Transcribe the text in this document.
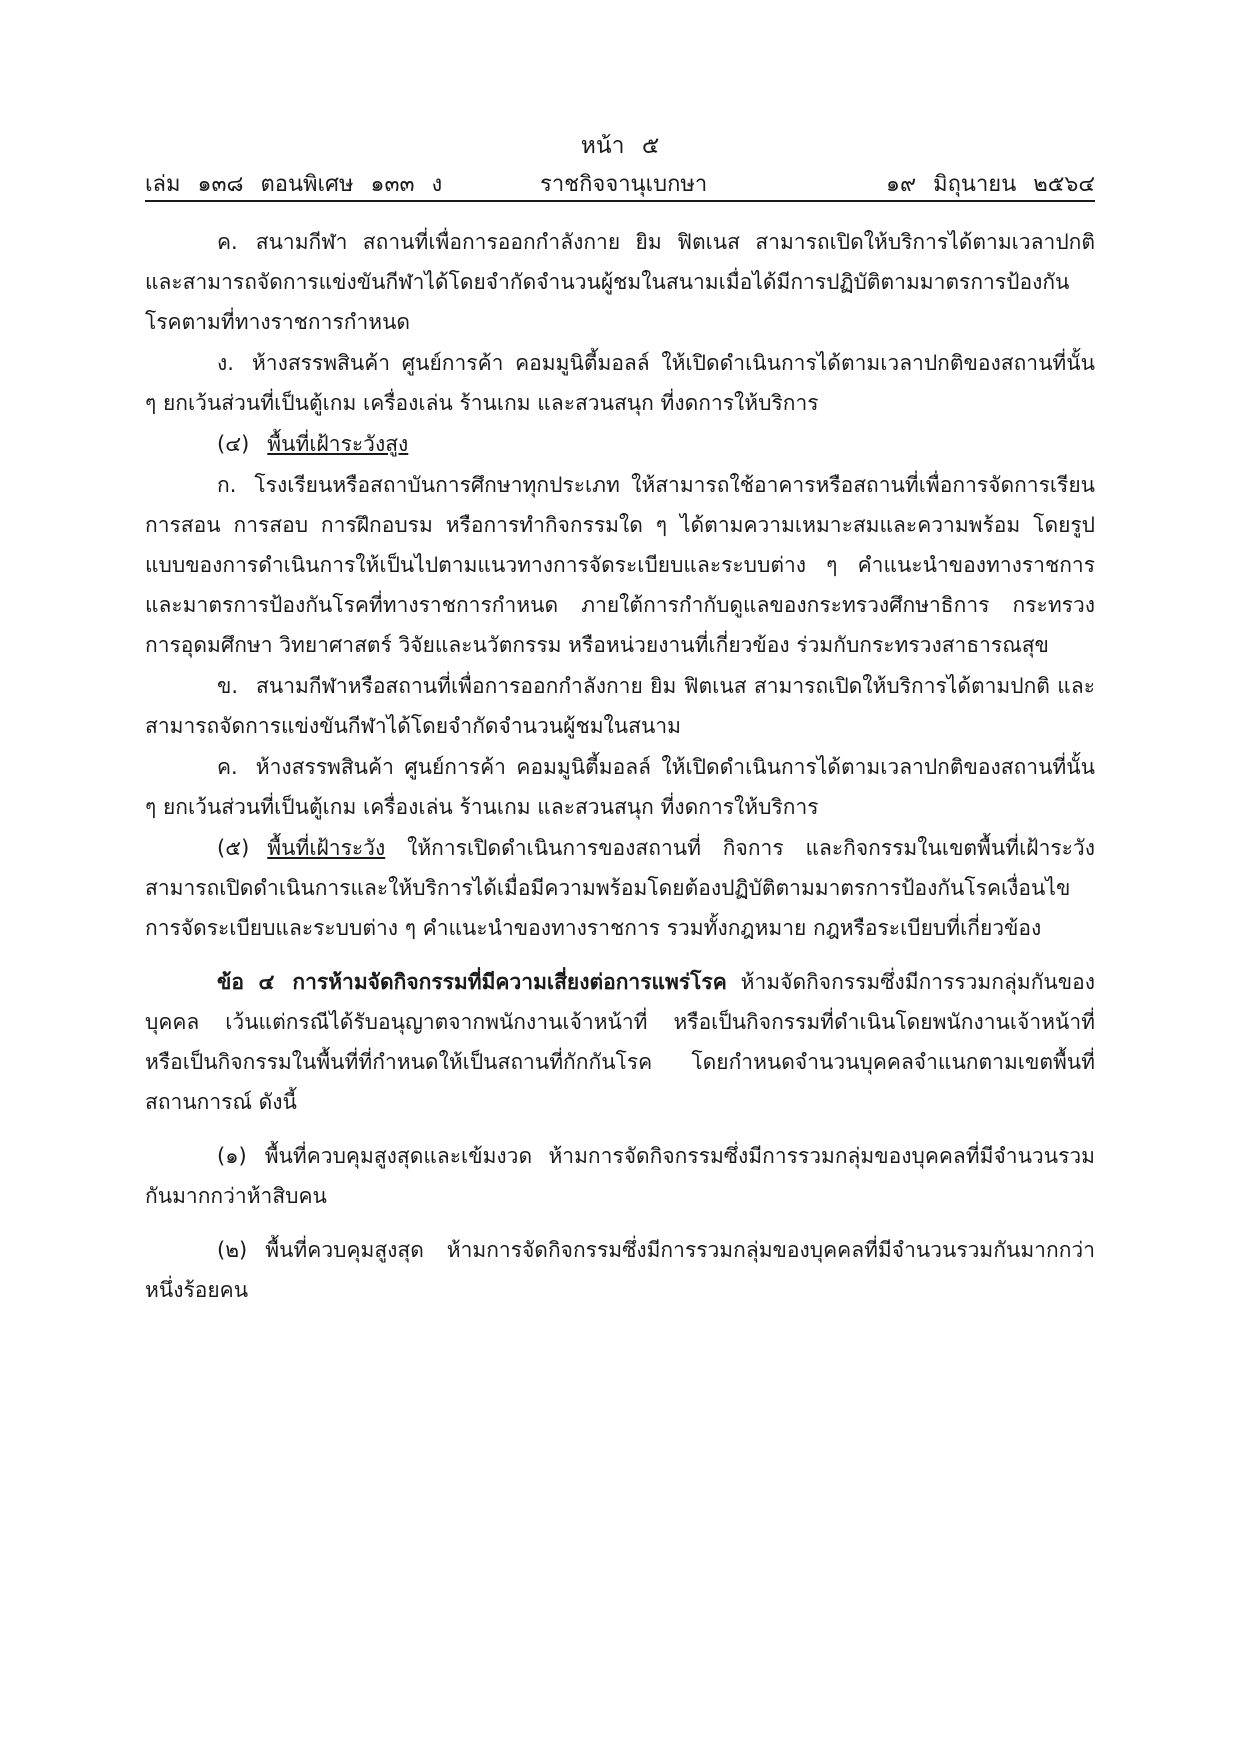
หน้า ๕
เล่ม ๑๓๘ ตอนพิเศษ ๑๓๓ ง	ราชกิจจานุเบกษา	๑๙ มิถุนายน ๒๕๖๔

ค. สนามกีฬา สถานที่เพื่อการออกกำลังกาย ยิม ฟิตเนส สามารถเปิดให้บริการได้ตามเวลาปกติ และสามารถจัดการแข่งขันกีฬาได้โดยจำกัดจำนวนผู้ชมในสนามเมื่อได้มีการปฏิบัติตามมาตรการป้องกันโรคตามที่ทางราชการกำหนด

ง. ห้างสรรพสินค้า ศูนย์การค้า คอมมูนิตี้มอลล์ ให้เปิดดำเนินการได้ตามเวลาปกติของสถานที่นั้น ๆ ยกเว้นส่วนที่เป็นตู้เกม เครื่องเล่น ร้านเกม และสวนสนุก ที่งดการให้บริการ

(๔) พื้นที่เฝ้าระวังสูง

ก. โรงเรียนหรือสถาบันการศึกษาทุกประเภท ให้สามารถใช้อาคารหรือสถานที่เพื่อการจัดการเรียนการสอน การสอบ การฝึกอบรม หรือการทำกิจกรรมใด ๆ ได้ตามความเหมาะสมและความพร้อม โดยรูปแบบของการดำเนินการให้เป็นไปตามแนวทางการจัดระเบียบและระบบต่าง ๆ คำแนะนำของทางราชการ และมาตรการป้องกันโรคที่ทางราชการกำหนด ภายใต้การกำกับดูแลของกระทรวงศึกษาธิการ กระทรวงการอุดมศึกษา วิทยาศาสตร์ วิจัยและนวัตกรรม หรือหน่วยงานที่เกี่ยวข้อง ร่วมกับกระทรวงสาธารณสุข

ข. สนามกีฬาหรือสถานที่เพื่อการออกกำลังกาย ยิม ฟิตเนส สามารถเปิดให้บริการได้ตามปกติ และสามารถจัดการแข่งขันกีฬาได้โดยจำกัดจำนวนผู้ชมในสนาม

ค. ห้างสรรพสินค้า ศูนย์การค้า คอมมูนิตี้มอลล์ ให้เปิดดำเนินการได้ตามเวลาปกติของสถานที่นั้น ๆ ยกเว้นส่วนที่เป็นตู้เกม เครื่องเล่น ร้านเกม และสวนสนุก ที่งดการให้บริการ

(๕) พื้นที่เฝ้าระวัง ให้การเปิดดำเนินการของสถานที่ กิจการ และกิจกรรมในเขตพื้นที่เฝ้าระวัง สามารถเปิดดำเนินการและให้บริการได้เมื่อมีความพร้อมโดยต้องปฏิบัติตามมาตรการป้องกันโรคเงื่อนไขการจัดระเบียบและระบบต่าง ๆ คำแนะนำของทางราชการ รวมทั้งกฎหมาย กฎหรือระเบียบที่เกี่ยวข้อง

ข้อ ๔ การห้ามจัดกิจกรรมที่มีความเสี่ยงต่อการแพร่โรค ห้ามจัดกิจกรรมซึ่งมีการรวมกลุ่มกันของบุคคล เว้นแต่กรณีได้รับอนุญาตจากพนักงานเจ้าหน้าที่ หรือเป็นกิจกรรมที่ดำเนินโดยพนักงานเจ้าหน้าที่ หรือเป็นกิจกรรมในพื้นที่ที่กำหนดให้เป็นสถานที่กักกันโรค โดยกำหนดจำนวนบุคคลจำแนกตามเขตพื้นที่สถานการณ์ ดังนี้

(๑) พื้นที่ควบคุมสูงสุดและเข้มงวด ห้ามการจัดกิจกรรมซึ่งมีการรวมกลุ่มของบุคคลที่มีจำนวนรวมกันมากกว่าห้าสิบคน

(๒) พื้นที่ควบคุมสูงสุด ห้ามการจัดกิจกรรมซึ่งมีการรวมกลุ่มของบุคคลที่มีจำนวนรวมกันมากกว่าหนึ่งร้อยคน
